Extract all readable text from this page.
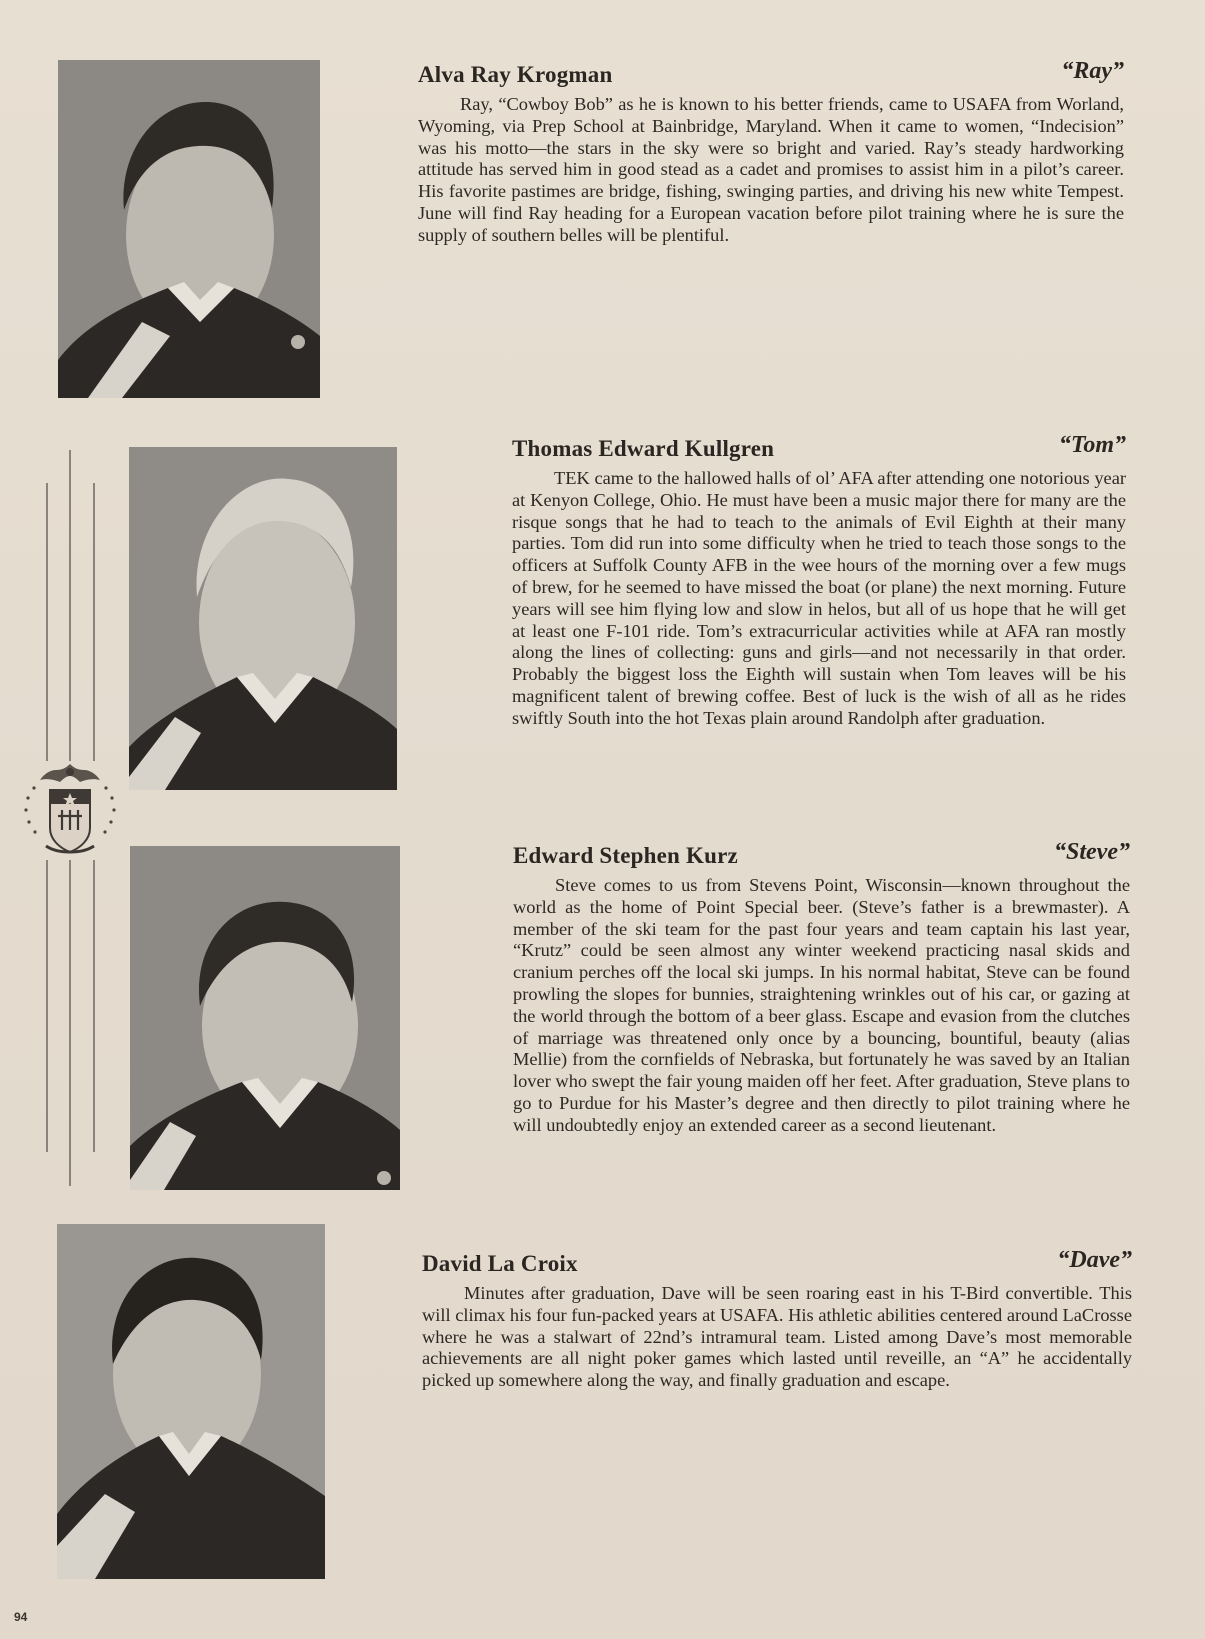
Alva Ray Krogman	“Ray”

Ray, “Cowboy Bob” as he is known to his better friends, came to USAFA from Worland, Wyoming, via Prep School at Bainbridge, Maryland. When it came to women, “Indecision” was his motto—the stars in the sky were so bright and varied. Ray’s steady hardworking attitude has served him in good stead as a cadet and promises to assist him in a pilot’s career. His favorite pastimes are bridge, fishing, swinging parties, and driving his new white Tempest. June will find Ray heading for a European vacation before pilot training where he is sure the supply of southern belles will be plentiful.

Thomas Edward Kullgren	“Tom”

TEK came to the hallowed halls of ol’ AFA after attending one notorious year at Kenyon College, Ohio. He must have been a music major there for many are the risque songs that he had to teach to the animals of Evil Eighth at their many parties. Tom did run into some difficulty when he tried to teach those songs to the officers at Suffolk County AFB in the wee hours of the morning over a few mugs of brew, for he seemed to have missed the boat (or plane) the next morning. Future years will see him flying low and slow in helos, but all of us hope that he will get at least one F-101 ride. Tom’s extracurricular activities while at AFA ran mostly along the lines of collecting: guns and girls—and not necessarily in that order. Probably the biggest loss the Eighth will sustain when Tom leaves will be his magnificent talent of brewing coffee. Best of luck is the wish of all as he rides swiftly South into the hot Texas plain around Randolph after graduation.

Edward Stephen Kurz	“Steve”

Steve comes to us from Stevens Point, Wisconsin—known throughout the world as the home of Point Special beer. (Steve’s father is a brewmaster). A member of the ski team for the past four years and team captain his last year, “Krutz” could be seen almost any winter weekend practicing nasal skids and cranium perches off the local ski jumps. In his normal habitat, Steve can be found prowling the slopes for bunnies, straightening wrinkles out of his car, or gazing at the world through the bottom of a beer glass. Escape and evasion from the clutches of marriage was threatened only once by a bouncing, bountiful, beauty (alias Mellie) from the cornfields of Nebraska, but fortunately he was saved by an Italian lover who swept the fair young maiden off her feet. After graduation, Steve plans to go to Purdue for his Master’s degree and then directly to pilot training where he will undoubtedly enjoy an extended career as a second lieutenant.

David La Croix	“Dave”

Minutes after graduation, Dave will be seen roaring east in his T-Bird convertible. This will climax his four fun-packed years at USAFA. His athletic abilities centered around LaCrosse where he was a stalwart of 22nd’s intramural team. Listed among Dave’s most memorable achievements are all night poker games which lasted until reveille, an “A” he accidentally picked up somewhere along the way, and finally graduation and escape.

94
